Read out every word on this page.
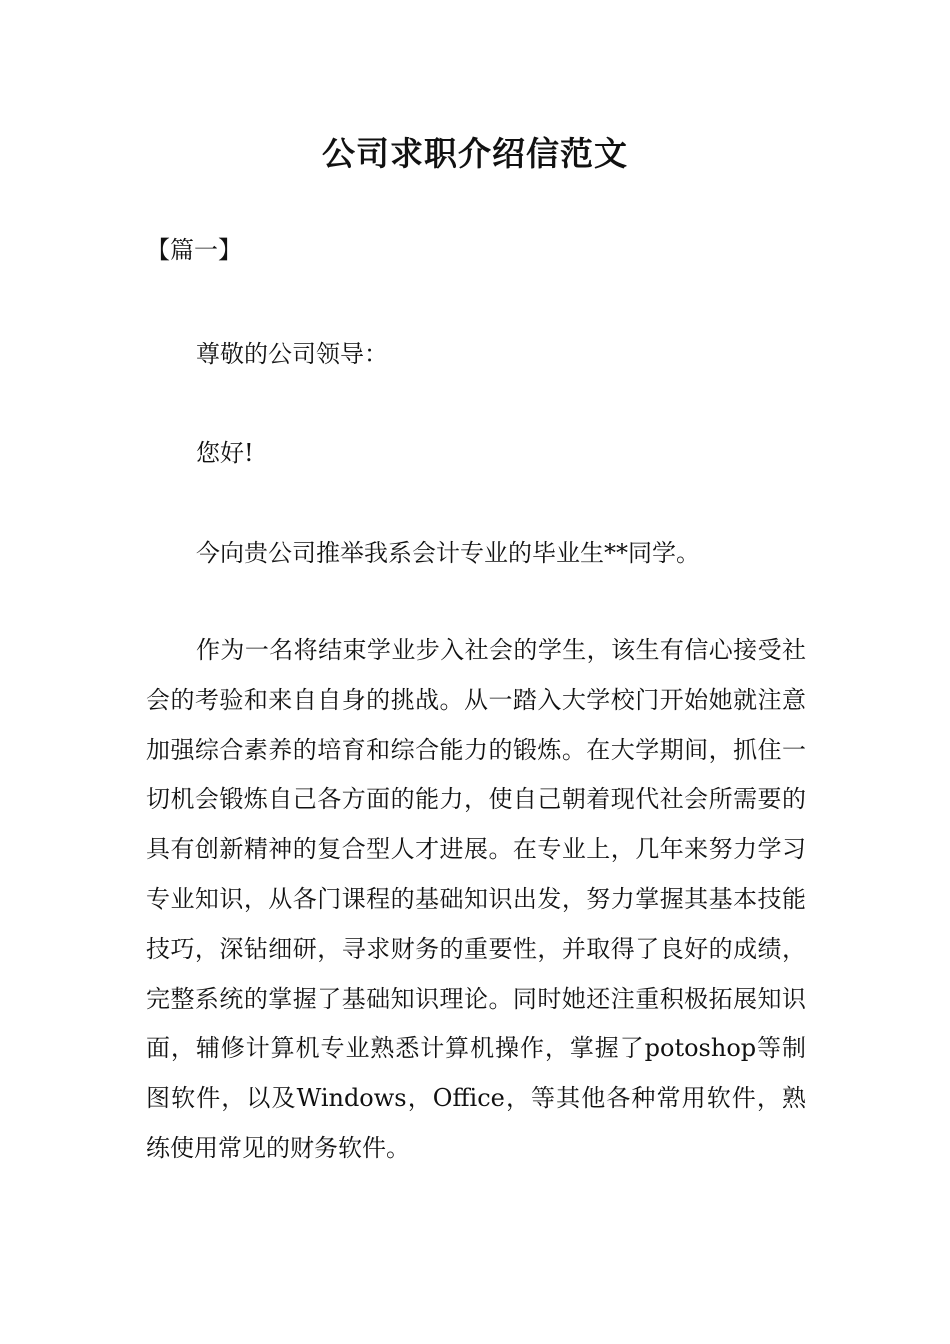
公司求职介绍信范文

【篇一】

尊敬的公司领导：

您好!

今向贵公司推举我系会计专业的毕业生**同学。

作为一名将结束学业步入社会的学生，该生有信心接受社会的考验和来自自身的挑战。从一踏入大学校门开始她就注意加强综合素养的培育和综合能力的锻炼。在大学期间，抓住一切机会锻炼自己各方面的能力，使自己朝着现代社会所需要的具有创新精神的复合型人才进展。在专业上，几年来努力学习专业知识，从各门课程的基础知识出发，努力掌握其基本技能技巧，深钻细研，寻求财务的重要性，并取得了良好的成绩，完整系统的掌握了基础知识理论。同时她还注重积极拓展知识面，辅修计算机专业熟悉计算机操作，掌握了potoshop等制图软件，以及Windows，Office，等其他各种常用软件，熟练使用常见的财务软件。
